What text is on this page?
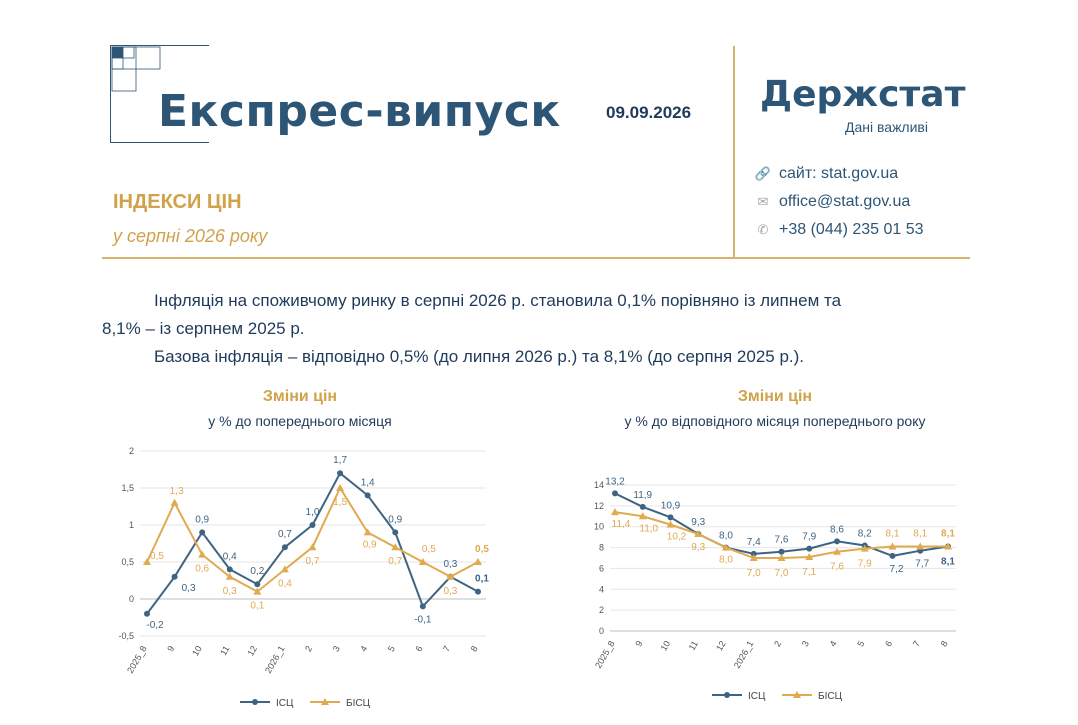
Експрес-випуск	09.09.2026 Держстат
Дані важливі
🔗 сайт: stat.gov.ua
✉ office@stat.gov.ua
✆ +38 (044) 235 01 53
ІНДЕКСИ ЦІН
у серпні 2026 року
Інфляція на споживчому ринку в серпні 2026 р. становила 0,1% порівняно із липнем та
8,1% – із серпнем 2025 р.
Базова інфляція – відповідно 0,5% (до липня 2026 р.) та 8,1% (до серпня 2025 р.).
Зміни цін
у % до попереднього місяця
2
1,5
1
0,5
0
-0,5
2025_8 9 10 11 12 2026_1 2 3 4 5 6 7 8
-0,2
0,3
0,9
0,4
0,2
0,7
1,0
1,7
1,4
0,9
-0,1
0,3
0,1
0,5
1,3
0,6
0,3
0,1
0,4
0,7
1,5
0,9
0,7
0,5
0,3
0,5
ІСЦ	БІСЦ
Зміни цін
у % до відповідного місяця попереднього року
14
12
10
8
6
4
2
0
2025_8 9 10 11 12 2026_1 2 3 4 5 6 7 8
13,2
11,9
10,9
9,3
8,0
7,4 7,6 7,9
8,6 8,2
7,2 7,7 8,1
11,4 11,0
10,2
9,3
8,0
7,0 7,0 7,1 7,6 7,9
8,1 8,1 8,1
ІСЦ	БІСЦ
